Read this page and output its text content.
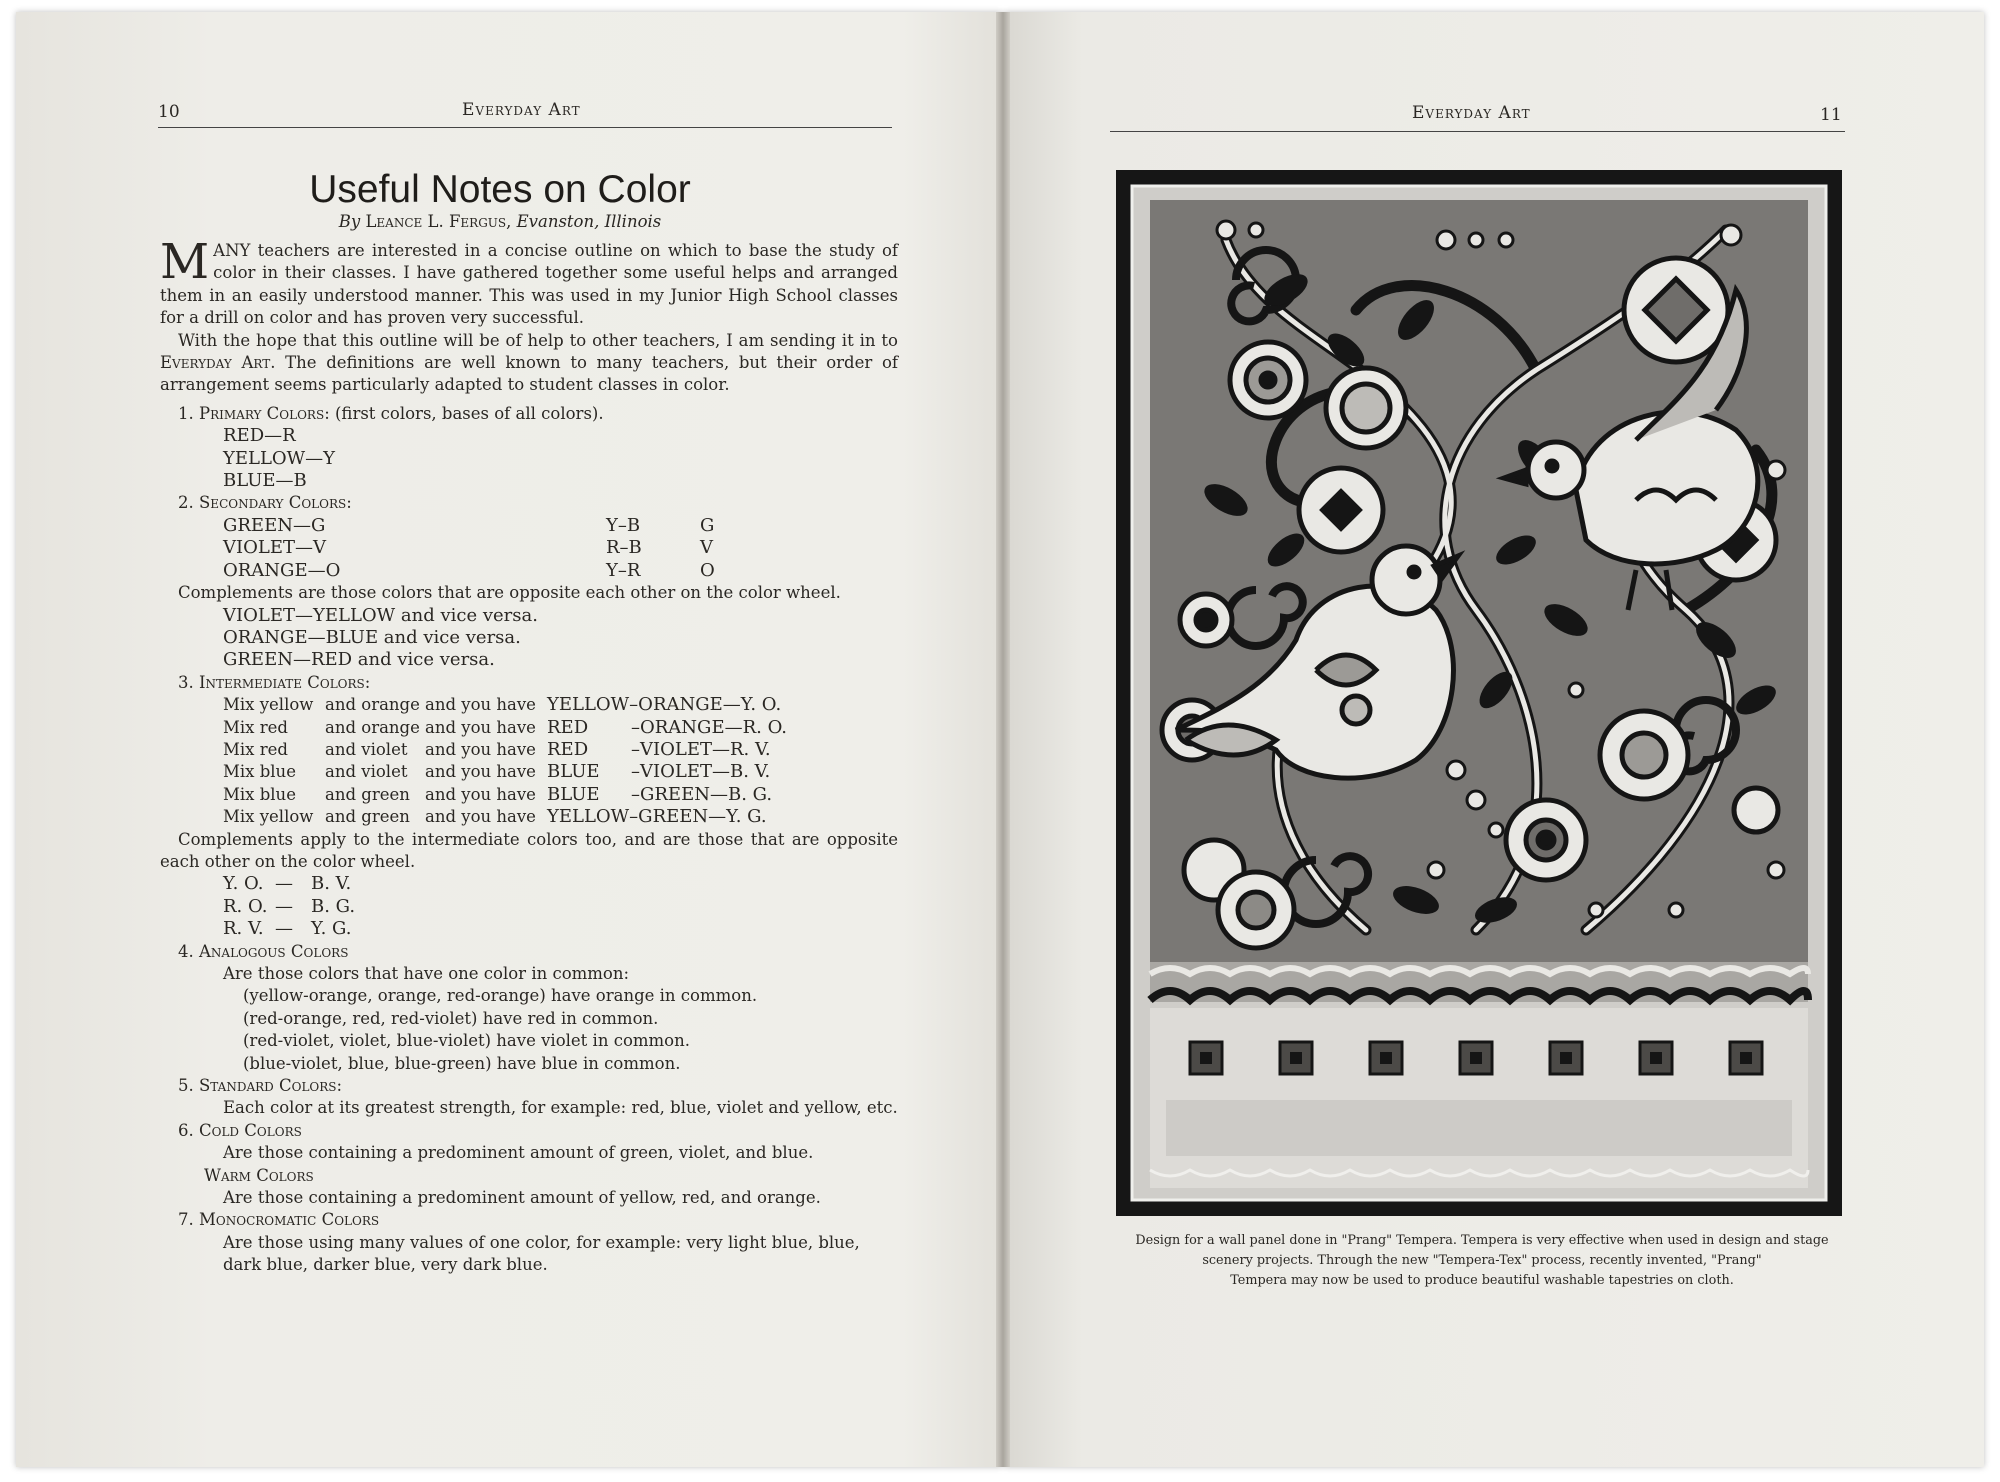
10	Everyday Art
Useful Notes on Color
By Leance L. Fergus, Evanston, Illinois
MANY teachers are interested in a concise outline on which to base the study of color in their classes. I have gathered together some useful helps and arranged them in an easily understood manner. This was used in my Junior High School classes for a drill on color and has proven very successful.
With the hope that this outline will be of help to other teachers, I am sending it in to Everyday Art. The definitions are well known to many teachers, but their order of arrangement seems particularly adapted to student classes in color.
1. Primary Colors: (first colors, bases of all colors).
RED—R
YELLOW—Y
BLUE—B
2. Secondary Colors:
GREEN—G	Y–B	G
VIOLET—V	R–B	V
ORANGE—O	Y–R	O
Complements are those colors that are opposite each other on the color wheel.
VIOLET—YELLOW and vice versa.
ORANGE—BLUE and vice versa.
GREEN—RED and vice versa.
3. Intermediate Colors:
Mix yellow and orange and you have YELLOW–ORANGE—Y. O.
Mix red	and orange and you have RED	–ORANGE—R. O.
Mix red	and violet	and you have RED	–VIOLET—R. V.
Mix blue	and violet	and you have BLUE	–VIOLET—B. V.
Mix blue	and green and you have BLUE	–GREEN—B. G.
Mix yellow and green and you have YELLOW–GREEN—Y. G.
Complements apply to the intermediate colors too, and are those that are opposite each other on the color wheel.
Y. O. —	B. V.
R. O. —	B. G.
R. V. —	Y. G.
4. Analogous Colors
Are those colors that have one color in common:
(yellow-orange, orange, red-orange) have orange in common.
(red-orange, red, red-violet) have red in common.
(red-violet, violet, blue-violet) have violet in common.
(blue-violet, blue, blue-green) have blue in common.
5. Standard Colors:
Each color at its greatest strength, for example: red, blue, violet and yellow, etc.
6. Cold Colors
Are those containing a predominent amount of green, violet, and blue.
Warm Colors
Are those containing a predominent amount of yellow, red, and orange.
7. Monocromatic Colors
Are those using many values of one color, for example: very light blue, blue, dark blue, darker blue, very dark blue.
Everyday Art	11
Design for a wall panel done in "Prang" Tempera. Tempera is very effective when used in design and stage
scenery projects. Through the new "Tempera-Tex" process, recently invented, "Prang"
Tempera may now be used to produce beautiful washable tapestries on cloth.
